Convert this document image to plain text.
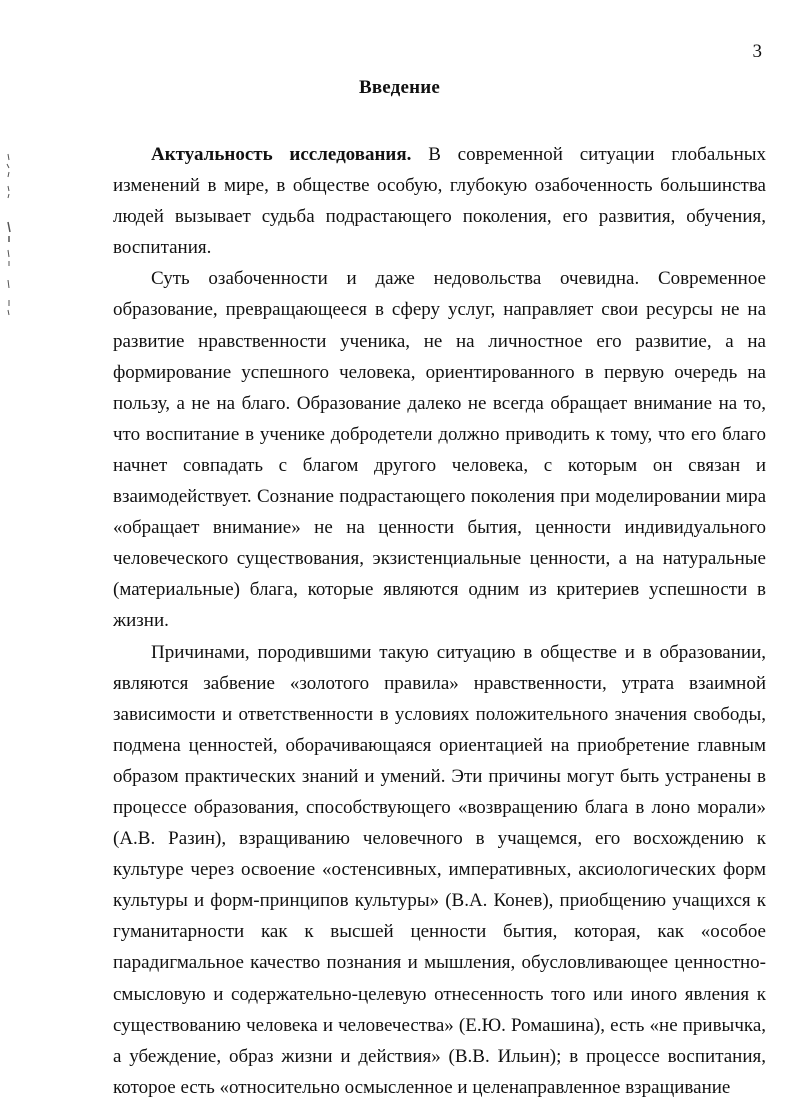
3
Введение

Актуальность исследования. В современной ситуации глобальных изменений в мире, в обществе особую, глубокую озабоченность большинства людей вызывает судьба подрастающего поколения, его развития, обучения, воспитания.

Суть озабоченности и даже недовольства очевидна. Современное образование, превращающееся в сферу услуг, направляет свои ресурсы не на развитие нравственности ученика, не на личностное его развитие, а на формирование успешного человека, ориентированного в первую очередь на пользу, а не на благо. Образование далеко не всегда обращает внимание на то, что воспитание в ученике добродетели должно приводить к тому, что его благо начнет совпадать с благом другого человека, с которым он связан и взаимодействует. Сознание подрастающего поколения при моделировании мира «обращает внимание» не на ценности бытия, ценности индивидуального человеческого существования, экзистенциальные ценности, а на натуральные (материальные) блага, которые являются одним из критериев успешности в жизни.

Причинами, породившими такую ситуацию в обществе и в образовании, являются забвение «золотого правила» нравственности, утрата взаимной зависимости и ответственности в условиях положительного значения свободы, подмена ценностей, оборачивающаяся ориентацией на приобретение главным образом практических знаний и умений. Эти причины могут быть устранены в процессе образования, способствующего «возвращению блага в лоно морали» (А.В. Разин), взращиванию человечного в учащемся, его восхождению к культуре через освоение «остенсивных, императивных, аксиологических форм культуры и форм-принципов культуры» (В.А. Конев), приобщению учащихся к гуманитарности как к высшей ценности бытия, которая, как «особое парадигмальное качество познания и мышления, обусловливающее ценностно-смысловую и содержательно-целевую отнесенность того или иного явления к существованию человека и человечества» (Е.Ю. Ромашина), есть «не привычка, а убеждение, образ жизни и действия» (В.В. Ильин); в процессе воспитания, которое есть «относительно осмысленное и целенаправленное взращивание
